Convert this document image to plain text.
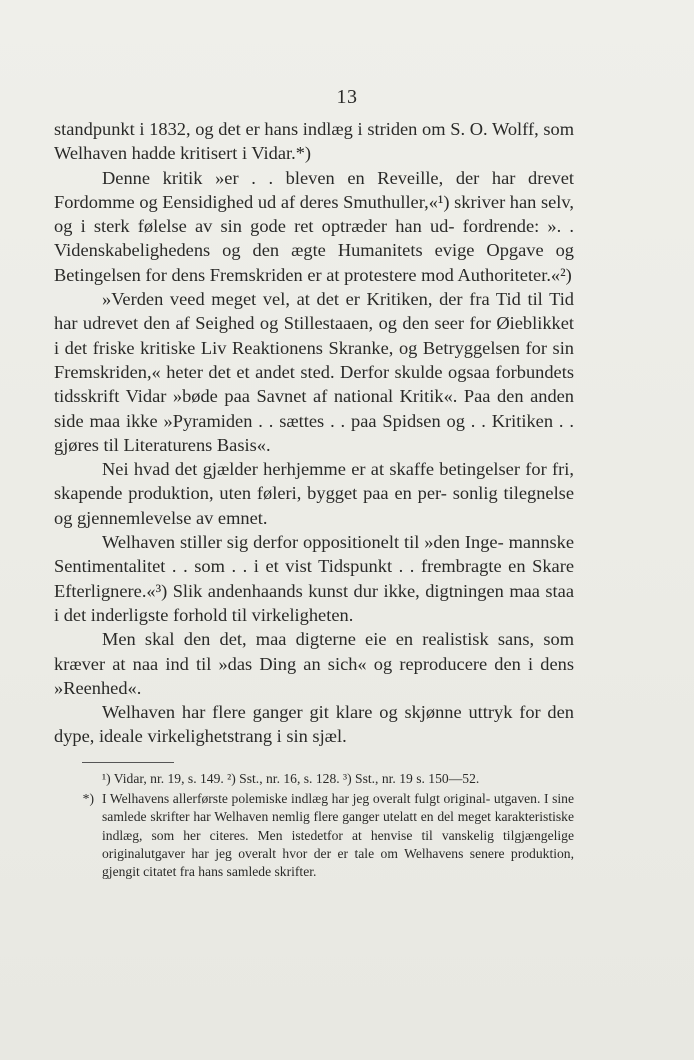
13

standpunkt i 1832, og det er hans indlæg i striden om S. O. Wolff, som Welhaven hadde kritisert i Vidar.*)

Denne kritik »er . . bleven en Reveille, der har drevet Fordomme og Eensidighed ud af deres Smuthuller,«¹) skriver han selv, og i sterk følelse av sin gode ret optræder han ud- fordrende: ». . Videnskabelighedens og den ægte Humanitets evige Opgave og Betingelsen for dens Fremskriden er at protestere mod Authoriteter.«²)

»Verden veed meget vel, at det er Kritiken, der fra Tid til Tid har udrevet den af Seighed og Stillestaaen, og den seer for Øieblikket i det friske kritiske Liv Reaktionens Skranke, og Betryggelsen for sin Fremskriden,« heter det et andet sted. Derfor skulde ogsaa forbundets tidsskrift Vidar »bøde paa Savnet af national Kritik«. Paa den anden side maa ikke »Pyramiden . . sættes . . paa Spidsen og . . Kritiken . . gjøres til Literaturens Basis«.

Nei hvad det gjælder herhjemme er at skaffe betingelser for fri, skapende produktion, uten føleri, bygget paa en per- sonlig tilegnelse og gjennemlevelse av emnet.

Welhaven stiller sig derfor oppositionelt til »den Inge- mannske Sentimentalitet . . som . . i et vist Tidspunkt . . frembragte en Skare Efterlignere.«³) Slik andenhaands kunst dur ikke, digtningen maa staa i det inderligste forhold til virkeligheten.

Men skal den det, maa digterne eie en realistisk sans, som kræver at naa ind til »das Ding an sich« og reproducere den i dens »Reenhed«.

Welhaven har flere ganger git klare og skjønne uttryk for den dype, ideale virkelighetstrang i sin sjæl.

¹) Vidar, nr. 19, s. 149. ²) Sst., nr. 16, s. 128. ³) Sst., nr. 19 s. 150—52.
*) I Welhavens allerførste polemiske indlæg har jeg overalt fulgt original- utgaven. I sine samlede skrifter har Welhaven nemlig flere ganger utelatt en del meget karakteristiske indlæg, som her citeres. Men istedetfor at henvise til vanskelig tilgjængelige originalutgaver har jeg overalt hvor der er tale om Welhavens senere produktion, gjengit citatet fra hans samlede skrifter.
